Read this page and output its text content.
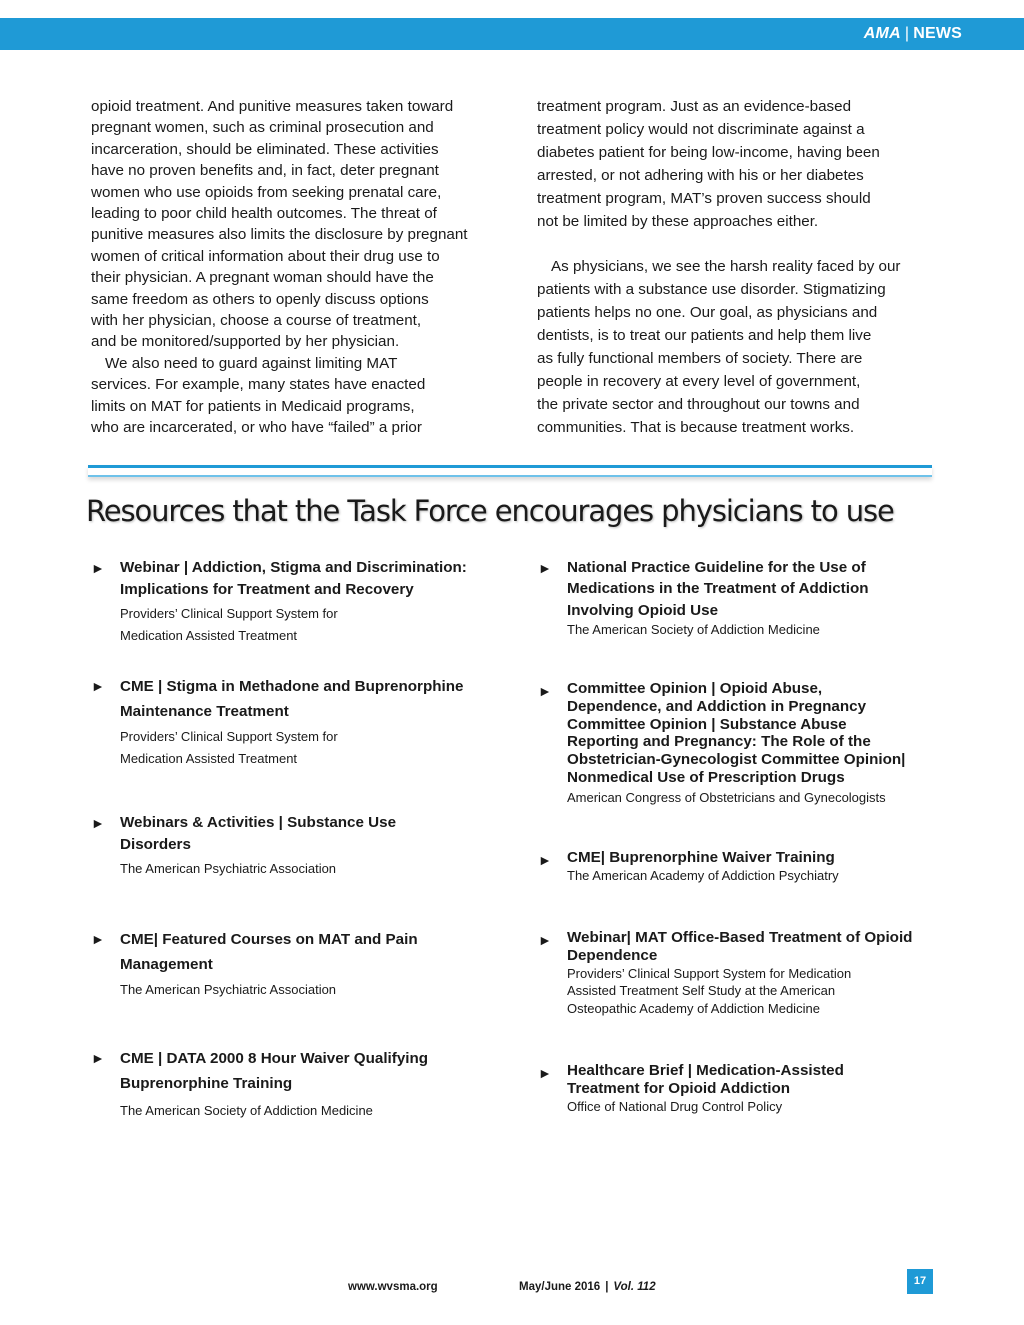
AMA | NEWS

opioid treatment. And punitive measures taken toward
pregnant women, such as criminal prosecution and
incarceration, should be eliminated. These activities
have no proven benefits and, in fact, deter pregnant
women who use opioids from seeking prenatal care,
leading to poor child health outcomes. The threat of
punitive measures also limits the disclosure by pregnant
women of critical information about their drug use to
their physician. A pregnant woman should have the
same freedom as others to openly discuss options
with her physician, choose a course of treatment,
and be monitored/supported by her physician.

We also need to guard against limiting MAT
services. For example, many states have enacted
limits on MAT for patients in Medicaid programs,
who are incarcerated, or who have “failed” a prior

treatment program. Just as an evidence-based
treatment policy would not discriminate against a
diabetes patient for being low-income, having been
arrested, or not adhering with his or her diabetes
treatment program, MAT’s proven success should
not be limited by these approaches either.

As physicians, we see the harsh reality faced by our
patients with a substance use disorder. Stigmatizing
patients helps no one. Our goal, as physicians and
dentists, is to treat our patients and help them live
as fully functional members of society. There are
people in recovery at every level of government,
the private sector and throughout our towns and
communities. That is because treatment works.

Resources that the Task Force encourages physicians to use
► Webinar | Addiction, Stigma and Discrimination:
Implications for Treatment and Recovery

Providers’ Clinical Support System for
Medication Assisted Treatment

► CME | Stigma in Methadone and Buprenorphine
Maintenance Treatment

Providers’ Clinical Support System for
Medication Assisted Treatment

► Webinars & Activities | Substance Use
Disorders

The American Psychiatric Association

► CME| Featured Courses on MAT and Pain
Management

The American Psychiatric Association

► CME | DATA 2000 8 Hour Waiver Qualifying
Buprenorphine Training

The American Society of Addiction Medicine

► National Practice Guideline for the Use of
Medications in the Treatment of Addiction
Involving Opioid Use

The American Society of Addiction Medicine

► Committee Opinion | Opioid Abuse,
Dependence, and Addiction in Pregnancy
Committee Opinion | Substance Abuse
Reporting and Pregnancy: The Role of the
Obstetrician-Gynecologist Committee Opinion|
Nonmedical Use of Prescription Drugs

American Congress of Obstetricians and Gynecologists

► CME| Buprenorphine Waiver Training

The American Academy of Addiction Psychiatry

► Webinar| MAT Office-Based Treatment of Opioid
Dependence

Providers’ Clinical Support System for Medication
Assisted Treatment Self Study at the American
Osteopathic Academy of Addiction Medicine

► Healthcare Brief | Medication-Assisted
Treatment for Opioid Addiction

Office of National Drug Control Policy

www.wvsma.org	May/June 2016 | Vol. 112	17
